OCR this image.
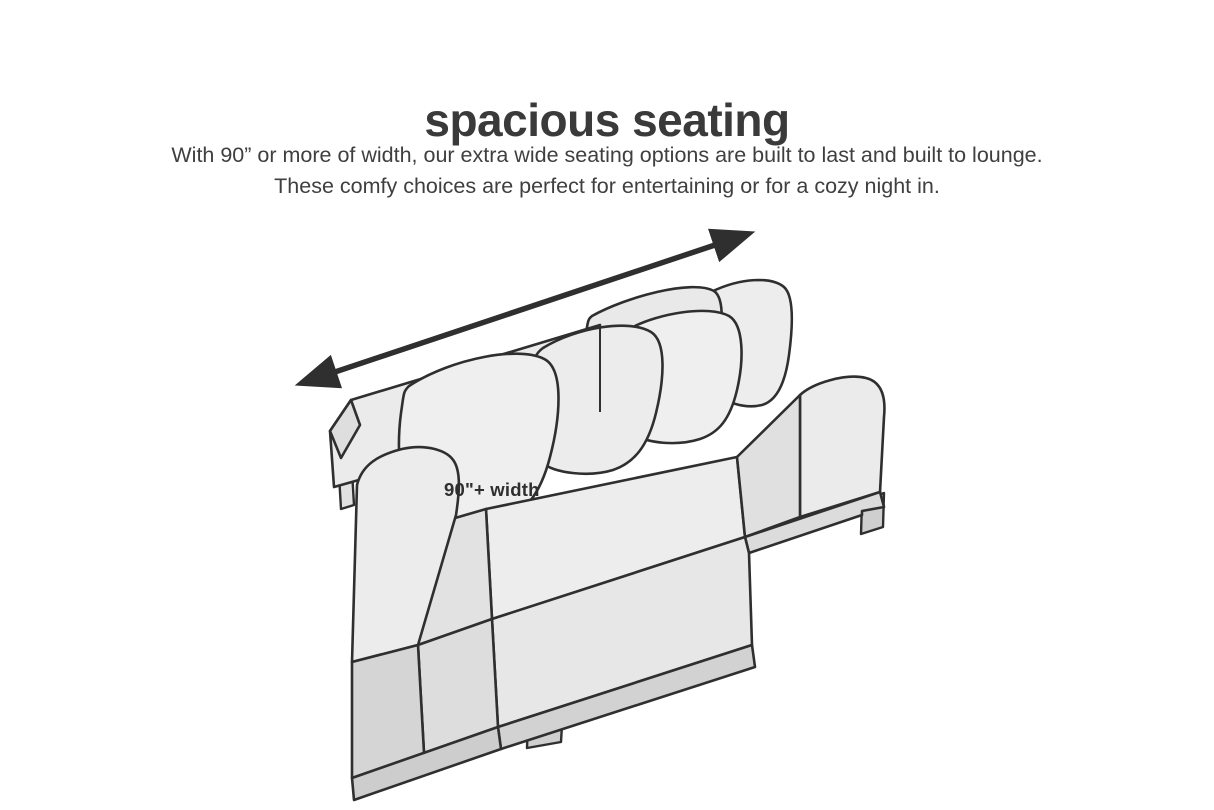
spacious seating
With 90” or more of width, our extra wide seating options are built to last and built to lounge.
These comfy choices are perfect for entertaining or for a cozy night in.
90"+ width
